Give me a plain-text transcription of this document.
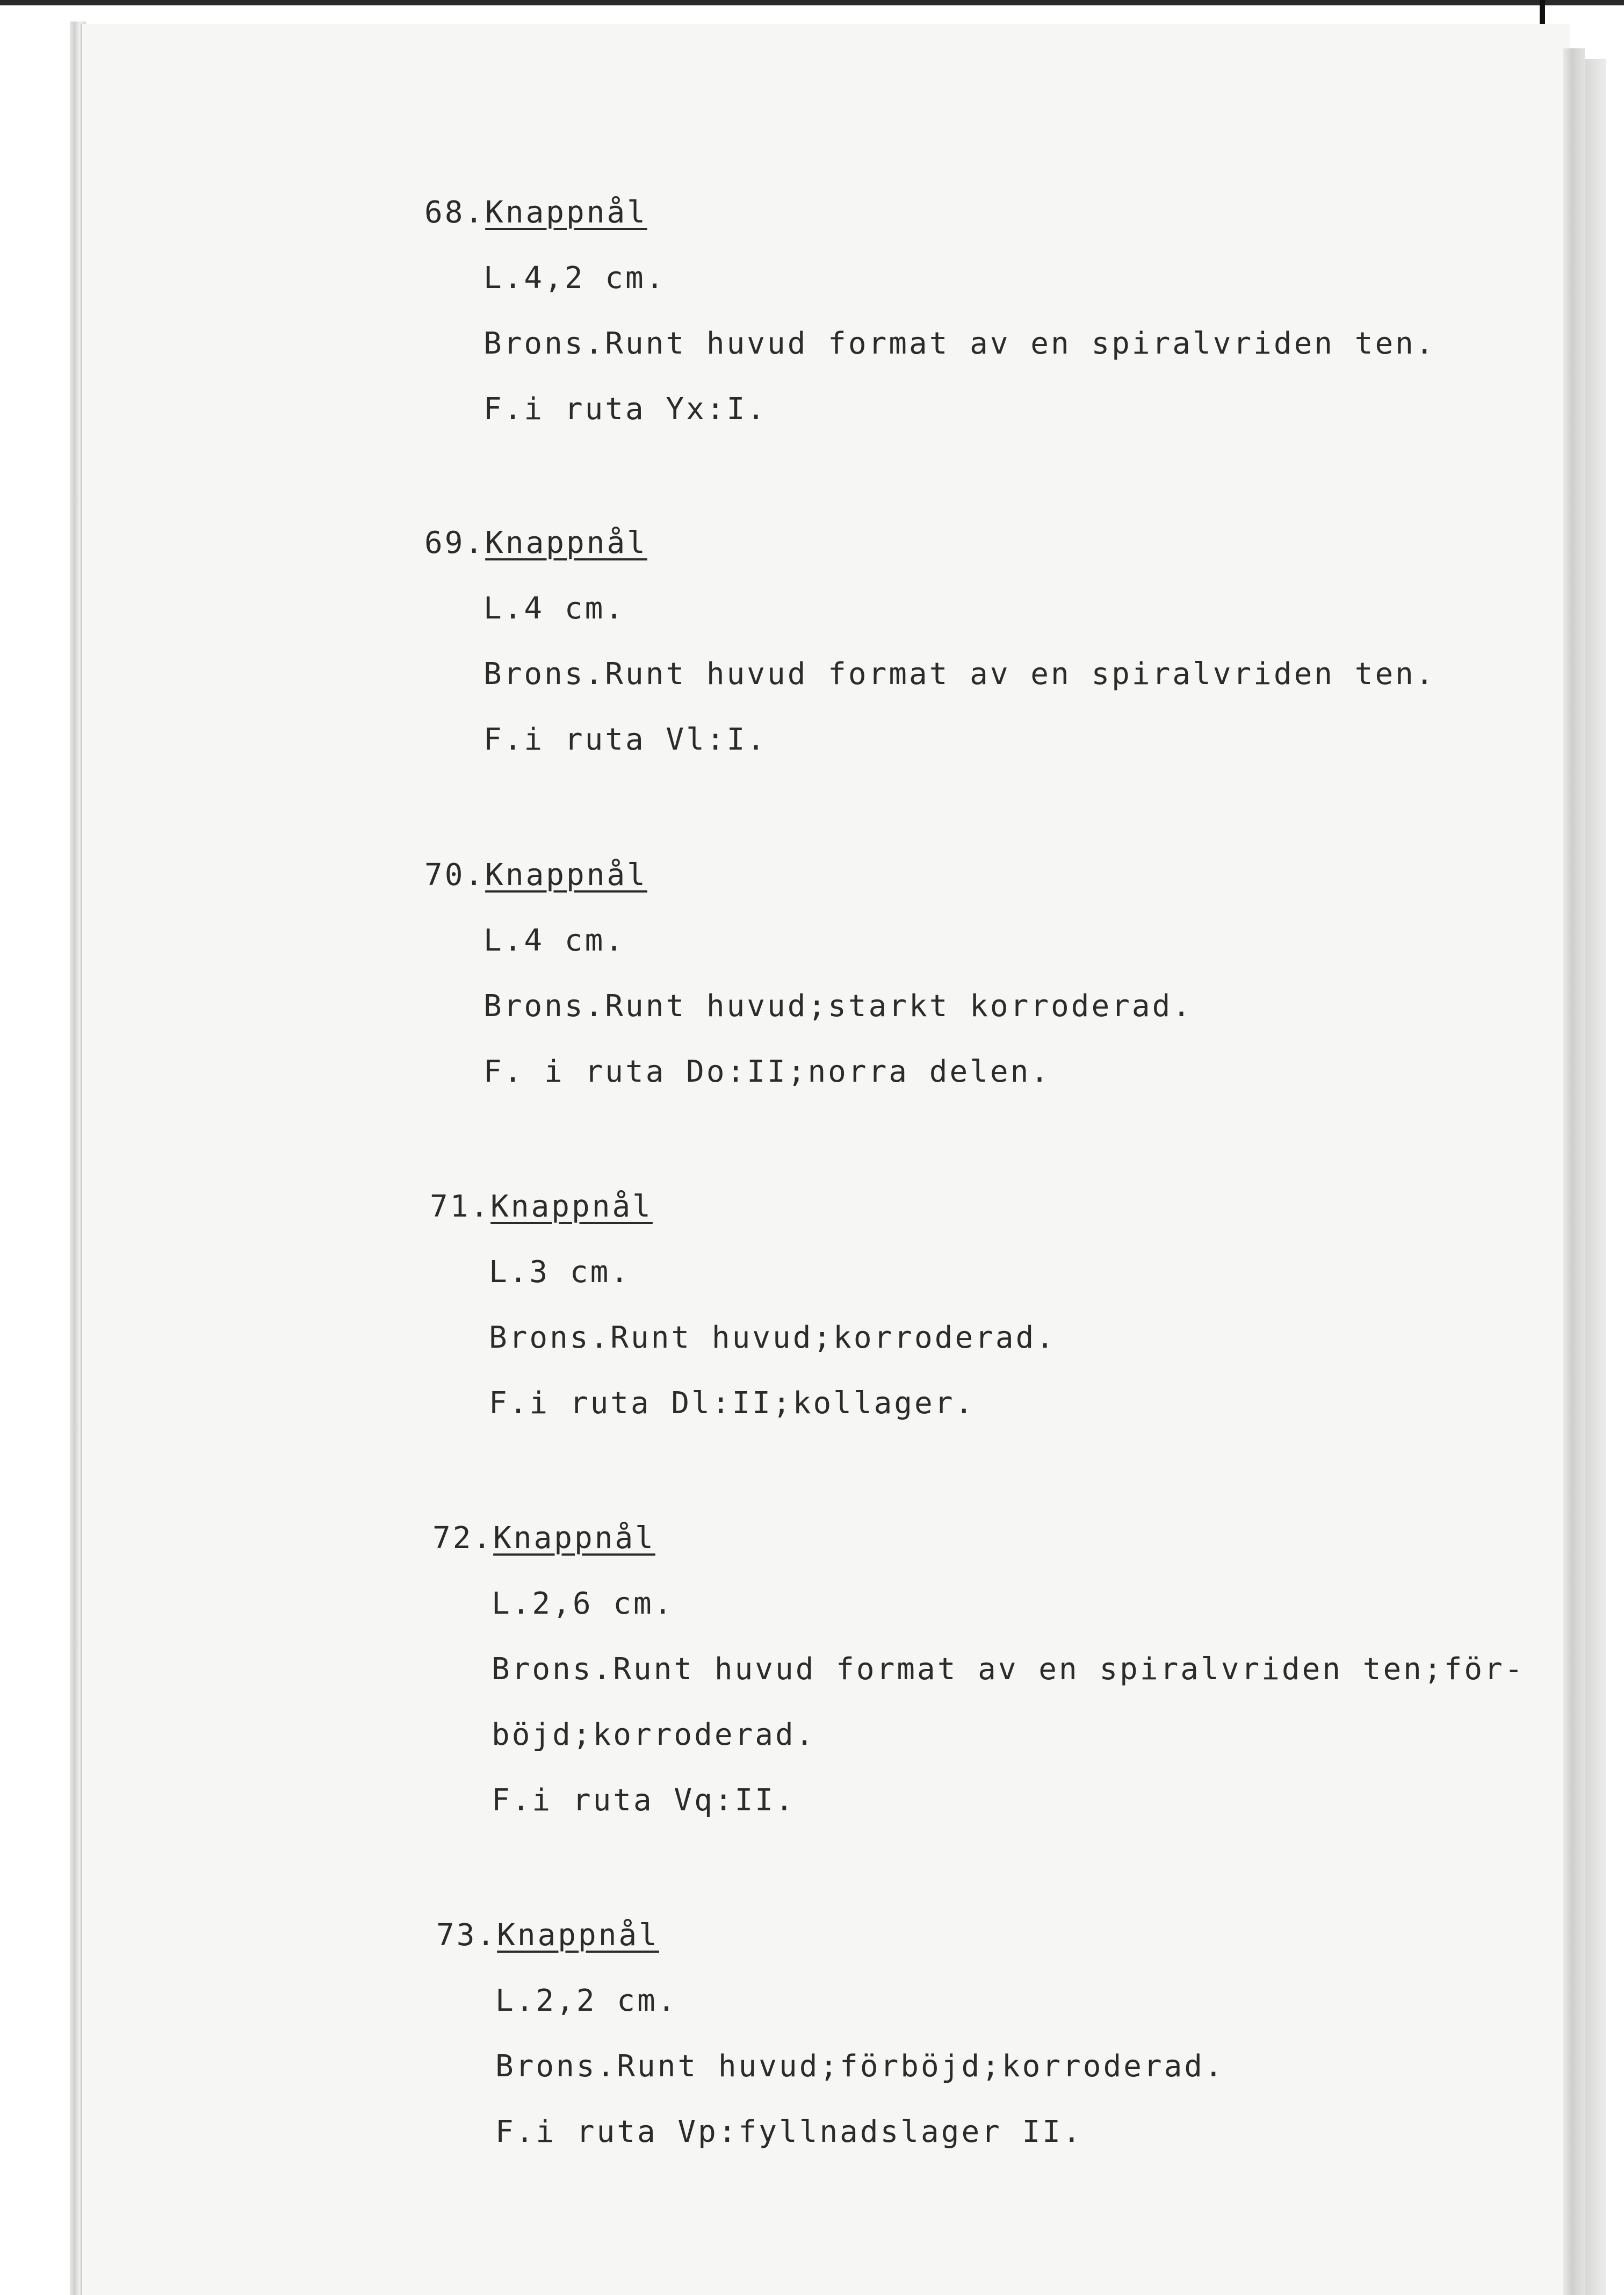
68.Knappnål
L.4,2 cm.
Brons.Runt huvud format av en spiralvriden ten.
F.i ruta Yx:I.
69.Knappnål
L.4 cm.
Brons.Runt huvud format av en spiralvriden ten.
F.i ruta Vl:I.
70.Knappnål
L.4 cm.
Brons.Runt huvud;starkt korroderad.
F. i ruta Do:II;norra delen.
71.Knappnål
L.3 cm.
Brons.Runt huvud;korroderad.
F.i ruta Dl:II;kollager.
72.Knappnål
L.2,6 cm.
Brons.Runt huvud format av en spiralvriden ten;för-
böjd;korroderad.
F.i ruta Vq:II.
73.Knappnål
L.2,2 cm.
Brons.Runt huvud;förböjd;korroderad.
F.i ruta Vp:fyllnadslager II.
